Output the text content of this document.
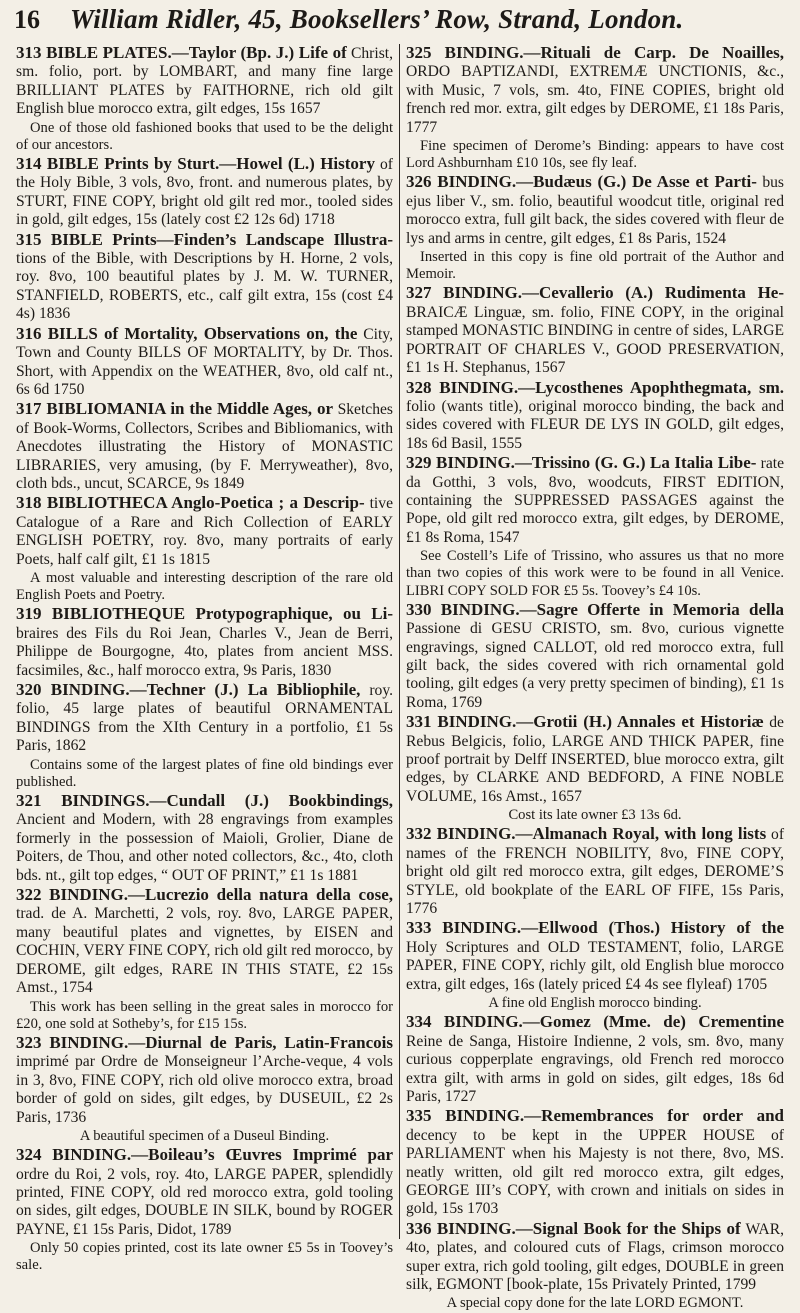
16	William Ridler, 45, Booksellers’ Row, Strand, London.

313 BIBLE PLATES.—Taylor (Bp. J.) Life of Christ, sm. folio, port. by LOMBART, and many fine large BRILLIANT PLATES by FAITHORNE, rich old gilt English blue morocco extra, gilt edges, 15s 1657

One of those old fashioned books that used to be the delight of our ancestors.

314 BIBLE Prints by Sturt.—Howel (L.) History of the Holy Bible, 3 vols, 8vo, front. and numerous plates, by STURT, FINE COPY, bright old gilt red mor., tooled sides in gold, gilt edges, 15s (lately cost £2 12s 6d) 1718

315 BIBLE Prints—Finden’s Landscape Illustra- tions of the Bible, with Descriptions by H. Horne, 2 vols, roy. 8vo, 100 beautiful plates by J. M. W. TURNER, STANFIELD, ROBERTS, etc., calf gilt extra, 15s (cost £4 4s) 1836

316 BILLS of Mortality, Observations on, the City, Town and County BILLS OF MORTALITY, by Dr. Thos. Short, with Appendix on the WEATHER, 8vo, old calf nt., 6s 6d 1750

317 BIBLIOMANIA in the Middle Ages, or Sketches of Book-Worms, Collectors, Scribes and Bibliomanics, with Anecdotes illustrating the History of MONASTIC LIBRARIES, very amusing, (by F. Merryweather), 8vo, cloth bds., uncut, SCARCE, 9s 1849

318 BIBLIOTHECA Anglo-Poetica ; a Descrip- tive Catalogue of a Rare and Rich Collection of EARLY ENGLISH POETRY, roy. 8vo, many portraits of early Poets, half calf gilt, £1 1s 1815

A most valuable and interesting description of the rare old English Poets and Poetry.

319 BIBLIOTHEQUE Protypographique, ou Li- braires des Fils du Roi Jean, Charles V., Jean de Berri, Philippe de Bourgogne, 4to, plates from ancient MSS. facsimiles, &c., half morocco extra, 9s Paris, 1830

320 BINDING.—Techner (J.) La Bibliophile, roy. folio, 45 large plates of beautiful ORNAMENTAL BINDINGS from the XIth Century in a portfolio, £1 5s Paris, 1862

Contains some of the largest plates of fine old bindings ever published.

321 BINDINGS.—Cundall (J.) Bookbindings, Ancient and Modern, with 28 engravings from examples formerly in the possession of Maioli, Grolier, Diane de Poiters, de Thou, and other noted collectors, &c., 4to, cloth bds. nt., gilt top edges, “ OUT OF PRINT,” £1 1s 1881

322 BINDING.—Lucrezio della natura della cose, trad. de A. Marchetti, 2 vols, roy. 8vo, LARGE PAPER, many beautiful plates and vignettes, by EISEN and COCHIN, VERY FINE COPY, rich old gilt red morocco, by DEROME, gilt edges, RARE IN THIS STATE, £2 15s Amst., 1754

This work has been selling in the great sales in morocco for £20, one sold at Sotheby’s, for £15 15s.

323 BINDING.—Diurnal de Paris, Latin-Francois imprimé par Ordre de Monseigneur l’Arche-veque, 4 vols in 3, 8vo, FINE COPY, rich old olive morocco extra, broad border of gold on sides, gilt edges, by DUSEUIL, £2 2s Paris, 1736

A beautiful specimen of a Duseul Binding.

324 BINDING.—Boileau’s Œuvres Imprimé par ordre du Roi, 2 vols, roy. 4to, LARGE PAPER, splendidly printed, FINE COPY, old red morocco extra, gold tooling on sides, gilt edges, DOUBLE IN SILK, bound by ROGER PAYNE, £1 15s Paris, Didot, 1789

Only 50 copies printed, cost its late owner £5 5s in Toovey’s sale.

325 BINDING.—Rituali de Carp. De Noailles, ORDO BAPTIZANDI, EXTREMÆ UNCTIONIS, &c., with Music, 7 vols, sm. 4to, FINE COPIES, bright old french red mor. extra, gilt edges by DEROME, £1 18s Paris, 1777

Fine specimen of Derome’s Binding: appears to have cost Lord Ashburnham £10 10s, see fly leaf.

326 BINDING.—Budæus (G.) De Asse et Parti- bus ejus liber V., sm. folio, beautiful woodcut title, original red morocco extra, full gilt back, the sides covered with fleur de lys and arms in centre, gilt edges, £1 8s Paris, 1524

Inserted in this copy is fine old portrait of the Author and Memoir.

327 BINDING.—Cevallerio (A.) Rudimenta He- BRAICÆ Linguæ, sm. folio, FINE COPY, in the original stamped MONASTIC BINDING in centre of sides, LARGE PORTRAIT OF CHARLES V., GOOD PRESERVATION, £1 1s H. Stephanus, 1567

328 BINDING.—Lycosthenes Apophthegmata, sm. folio (wants title), original morocco binding, the back and sides covered with FLEUR DE LYS IN GOLD, gilt edges, 18s 6d Basil, 1555

329 BINDING.—Trissino (G. G.) La Italia Libe- rate da Gotthi, 3 vols, 8vo, woodcuts, FIRST EDITION, containing the SUPPRESSED PASSAGES against the Pope, old gilt red morocco extra, gilt edges, by DEROME, £1 8s Roma, 1547

See Costell’s Life of Trissino, who assures us that no more than two copies of this work were to be found in all Venice. LIBRI COPY SOLD FOR £5 5s. Toovey’s £4 10s.

330 BINDING.—Sagre Offerte in Memoria della Passione di GESU CRISTO, sm. 8vo, curious vignette engravings, signed CALLOT, old red morocco extra, full gilt back, the sides covered with rich ornamental gold tooling, gilt edges (a very pretty specimen of binding), £1 1s Roma, 1769

331 BINDING.—Grotii (H.) Annales et Historiæ de Rebus Belgicis, folio, LARGE AND THICK PAPER, fine proof portrait by Delff INSERTED, blue morocco extra, gilt edges, by CLARKE AND BEDFORD, A FINE NOBLE VOLUME, 16s Amst., 1657

Cost its late owner £3 13s 6d.

332 BINDING.—Almanach Royal, with long lists of names of the FRENCH NOBILITY, 8vo, FINE COPY, bright old gilt red morocco extra, gilt edges, DEROME’S STYLE, old bookplate of the EARL OF FIFE, 15s Paris, 1776

333 BINDING.—Ellwood (Thos.) History of the Holy Scriptures and OLD TESTAMENT, folio, LARGE PAPER, FINE COPY, richly gilt, old English blue morocco extra, gilt edges, 16s (lately priced £4 4s see flyleaf) 1705

A fine old English morocco binding.

334 BINDING.—Gomez (Mme. de) Crementine Reine de Sanga, Histoire Indienne, 2 vols, sm. 8vo, many curious copperplate engravings, old French red morocco extra gilt, with arms in gold on sides, gilt edges, 18s 6d Paris, 1727

335 BINDING.—Remembrances for order and decency to be kept in the UPPER HOUSE of PARLIAMENT when his Majesty is not there, 8vo, MS. neatly written, old gilt red morocco extra, gilt edges, GEORGE III’s COPY, with crown and initials on sides in gold, 15s 1703

336 BINDING.—Signal Book for the Ships of WAR, 4to, plates, and coloured cuts of Flags, crimson morocco super extra, rich gold tooling, gilt edges, DOUBLE in green silk, EGMONT [book-plate, 15s Privately Printed, 1799

A special copy done for the late LORD EGMONT.
